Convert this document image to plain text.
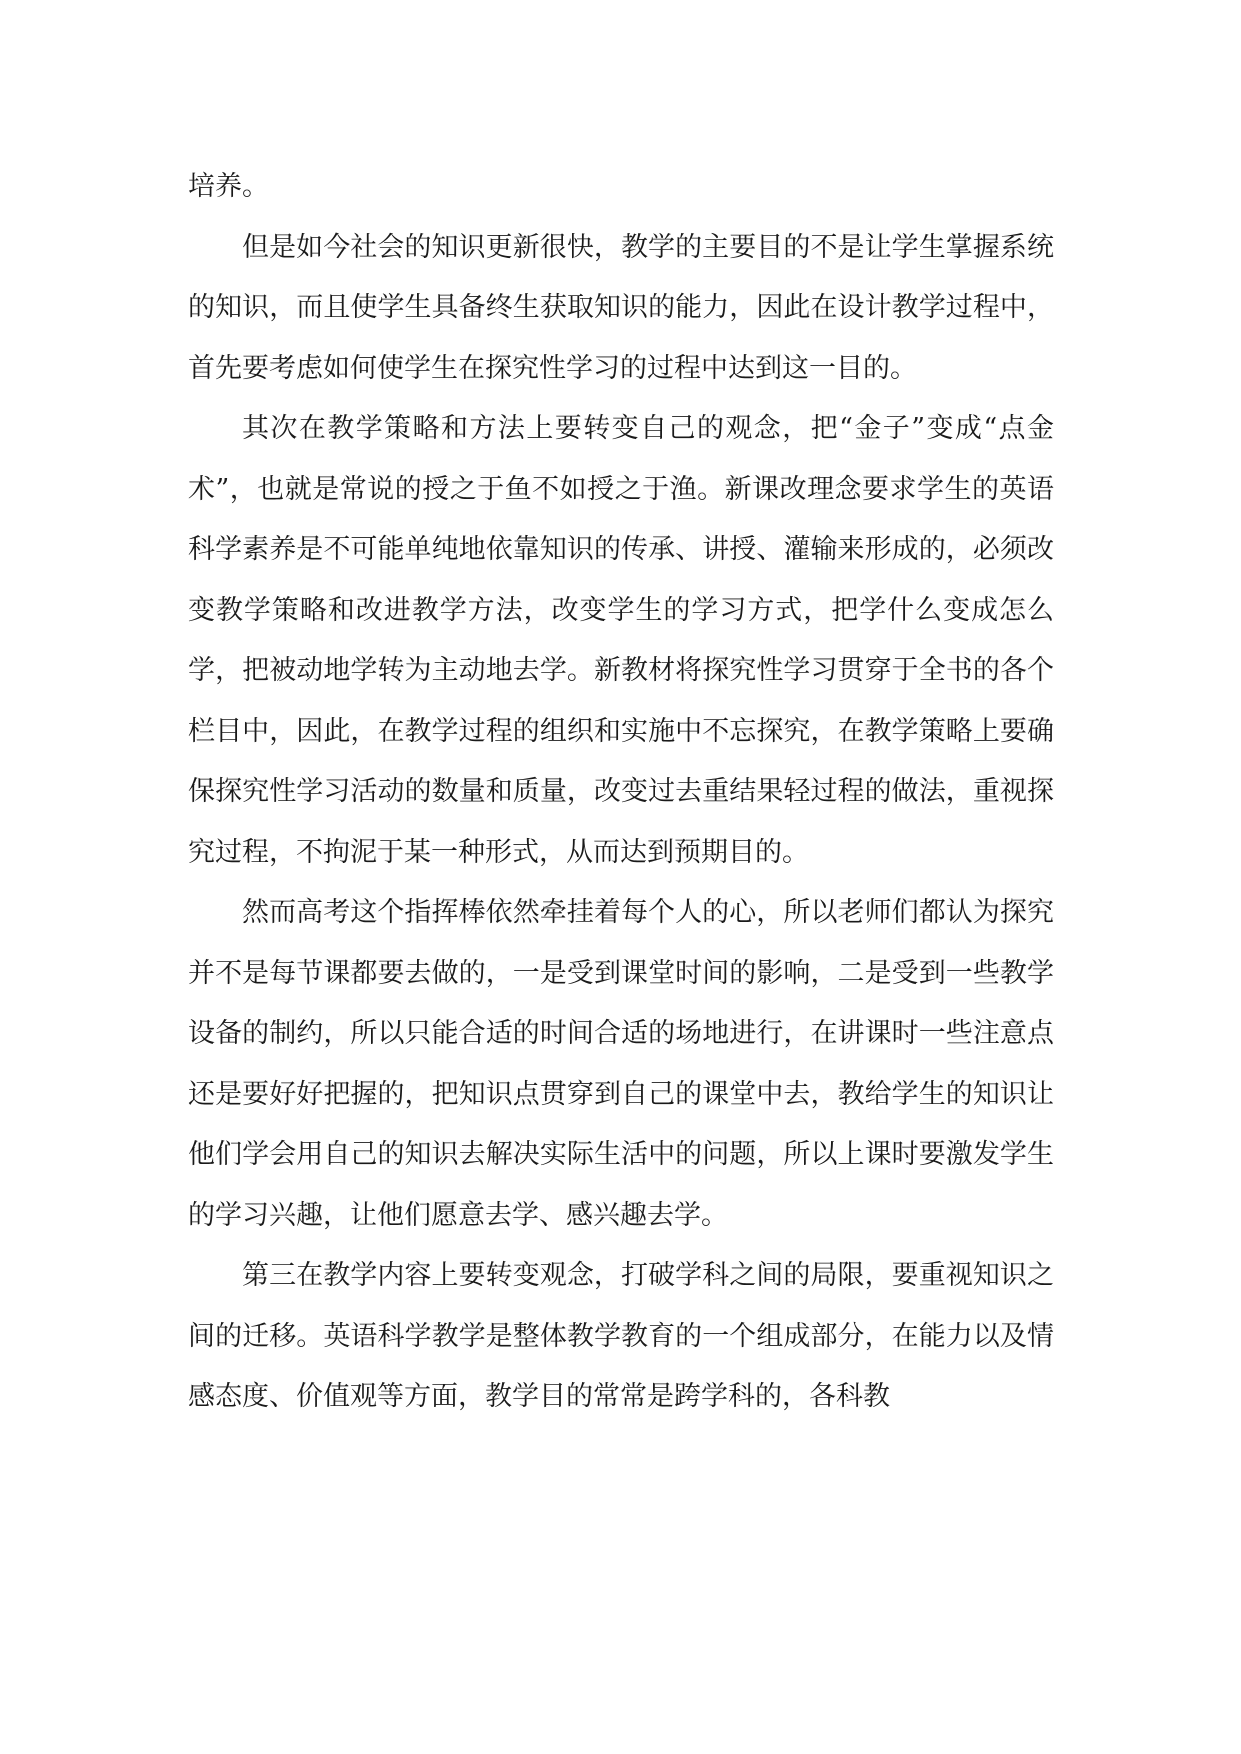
培养。

但是如今社会的知识更新很快，教学的主要目的不是让学生掌握系统的知识，而且使学生具备终生获取知识的能力，因此在设计教学过程中，首先要考虑如何使学生在探究性学习的过程中达到这一目的。

其次在教学策略和方法上要转变自己的观念，把“金子”变成“点金术”，也就是常说的授之于鱼不如授之于渔。新课改理念要求学生的英语科学素养是不可能单纯地依靠知识的传承、讲授、灌输来形成的，必须改变教学策略和改进教学方法，改变学生的学习方式，把学什么变成怎么学，把被动地学转为主动地去学。新教材将探究性学习贯穿于全书的各个栏目中，因此，在教学过程的组织和实施中不忘探究，在教学策略上要确保探究性学习活动的数量和质量，改变过去重结果轻过程的做法，重视探究过程，不拘泥于某一种形式，从而达到预期目的。

然而高考这个指挥棒依然牵挂着每个人的心，所以老师们都认为探究并不是每节课都要去做的，一是受到课堂时间的影响，二是受到一些教学设备的制约，所以只能合适的时间合适的场地进行，在讲课时一些注意点还是要好好把握的，把知识点贯穿到自己的课堂中去，教给学生的知识让他们学会用自己的知识去解决实际生活中的问题，所以上课时要激发学生的学习兴趣，让他们愿意去学、感兴趣去学。

第三在教学内容上要转变观念，打破学科之间的局限，要重视知识之间的迁移。英语科学教学是整体教学教育的一个组成部分，在能力以及情感态度、价值观等方面，教学目的常常是跨学科的，各科教
